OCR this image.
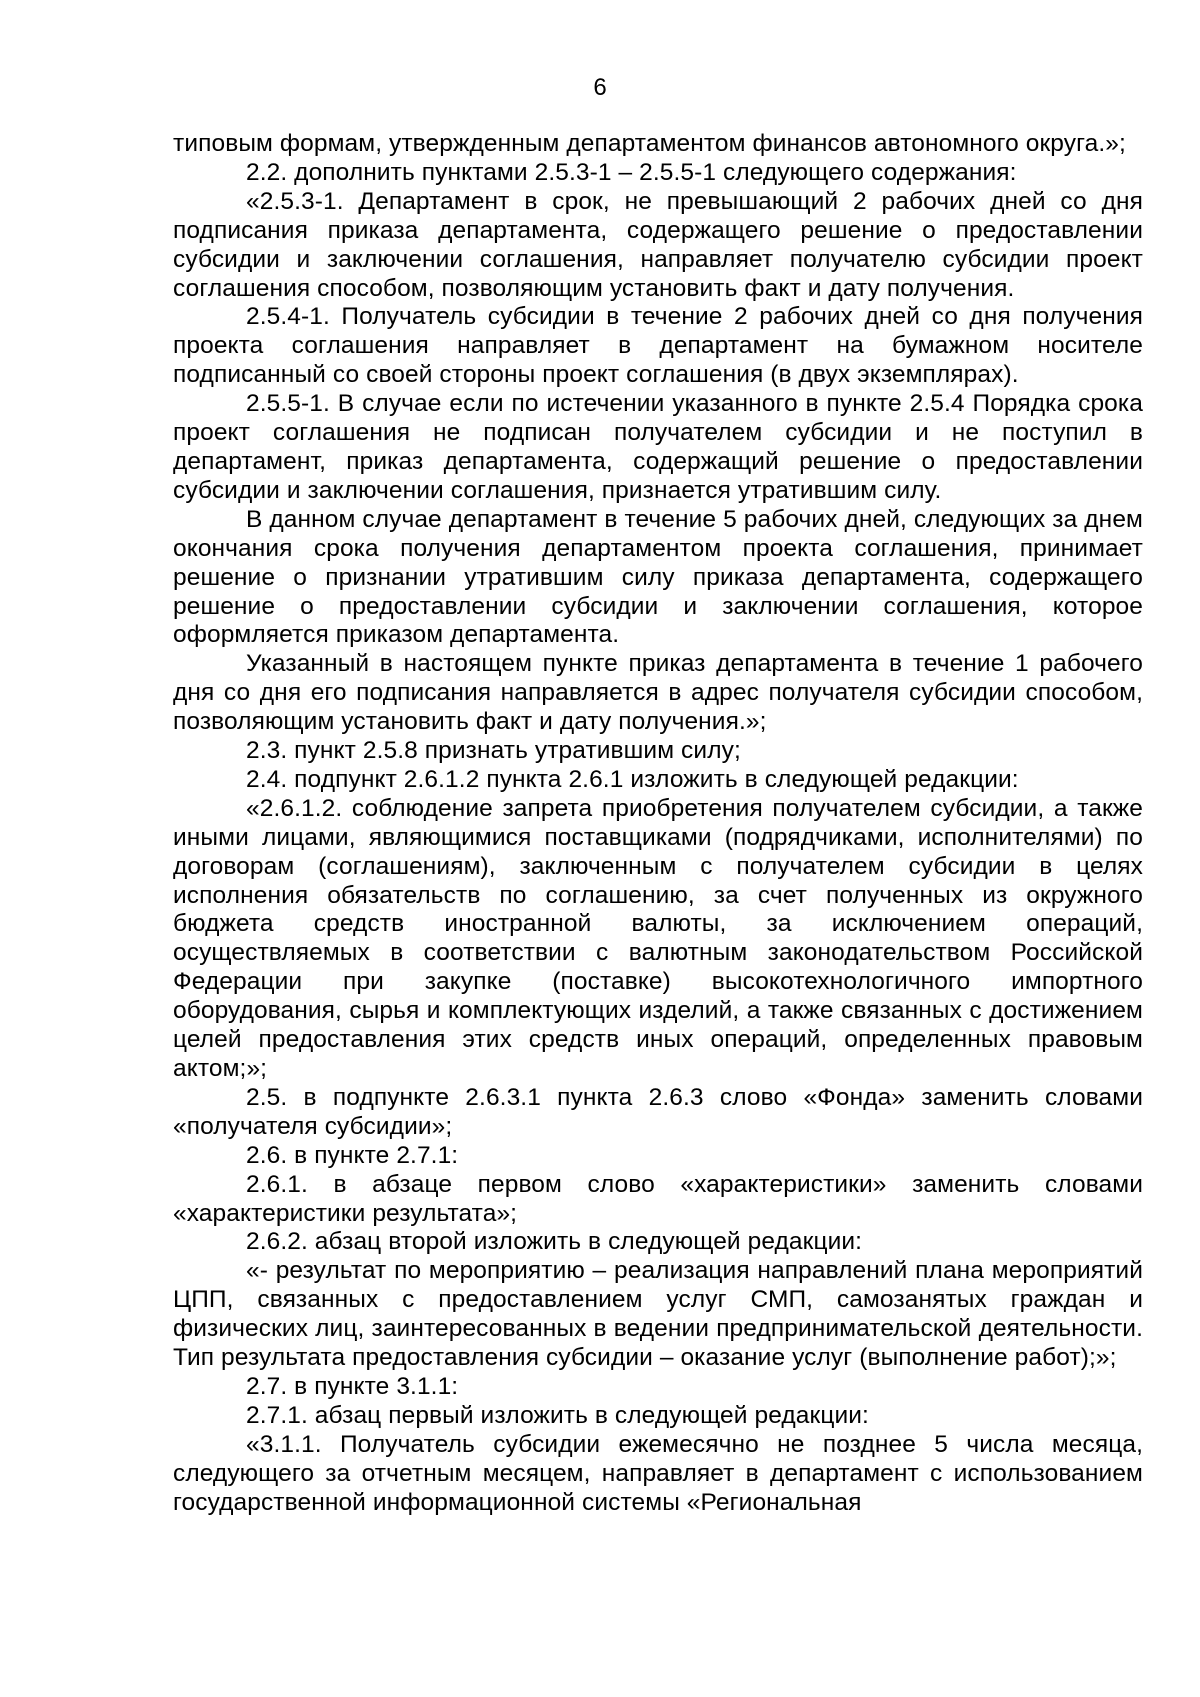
6

типовым формам, утвержденным департаментом финансов автономного округа.»;

2.2. дополнить пунктами 2.5.3-1 – 2.5.5-1 следующего содержания:

«2.5.3-1. Департамент в срок, не превышающий 2 рабочих дней со дня подписания приказа департамента, содержащего решение о предоставлении субсидии и заключении соглашения, направляет получателю субсидии проект соглашения способом, позволяющим установить факт и дату получения.

2.5.4-1. Получатель субсидии в течение 2 рабочих дней со дня получения проекта соглашения направляет в департамент на бумажном носителе подписанный со своей стороны проект соглашения (в двух экземплярах).

2.5.5-1. В случае если по истечении указанного в пункте 2.5.4 Порядка срока проект соглашения не подписан получателем субсидии и не поступил в департамент, приказ департамента, содержащий решение о предоставлении субсидии и заключении соглашения, признается утратившим силу.

В данном случае департамент в течение 5 рабочих дней, следующих за днем окончания срока получения департаментом проекта соглашения, принимает решение о признании утратившим силу приказа департамента, содержащего решение о предоставлении субсидии и заключении соглашения, которое оформляется приказом департамента.

Указанный в настоящем пункте приказ департамента в течение 1 рабочего дня со дня его подписания направляется в адрес получателя субсидии способом, позволяющим установить факт и дату получения.»;

2.3. пункт 2.5.8 признать утратившим силу;

2.4. подпункт 2.6.1.2 пункта 2.6.1 изложить в следующей редакции:

«2.6.1.2. соблюдение запрета приобретения получателем субсидии, а также иными лицами, являющимися поставщиками (подрядчиками, исполнителями) по договорам (соглашениям), заключенным с получателем субсидии в целях исполнения обязательств по соглашению, за счет полученных из окружного бюджета средств иностранной валюты, за исключением операций, осуществляемых в соответствии с валютным законодательством Российской Федерации при закупке (поставке) высокотехнологичного импортного оборудования, сырья и комплектующих изделий, а также связанных с достижением целей предоставления этих средств иных операций, определенных правовым актом;»;

2.5. в подпункте 2.6.3.1 пункта 2.6.3 слово «Фонда» заменить словами «получателя субсидии»;

2.6. в пункте 2.7.1:

2.6.1. в абзаце первом слово «характеристики» заменить словами «характеристики результата»;

2.6.2. абзац второй изложить в следующей редакции:

«- результат по мероприятию – реализация направлений плана мероприятий ЦПП, связанных с предоставлением услуг СМП, самозанятых граждан и физических лиц, заинтересованных в ведении предпринимательской деятельности. Тип результата предоставления субсидии – оказание услуг (выполнение работ);»;

2.7. в пункте 3.1.1:

2.7.1. абзац первый изложить в следующей редакции:

«3.1.1. Получатель субсидии ежемесячно не позднее 5 числа месяца, следующего за отчетным месяцем, направляет в департамент с использованием государственной информационной системы «Региональная
